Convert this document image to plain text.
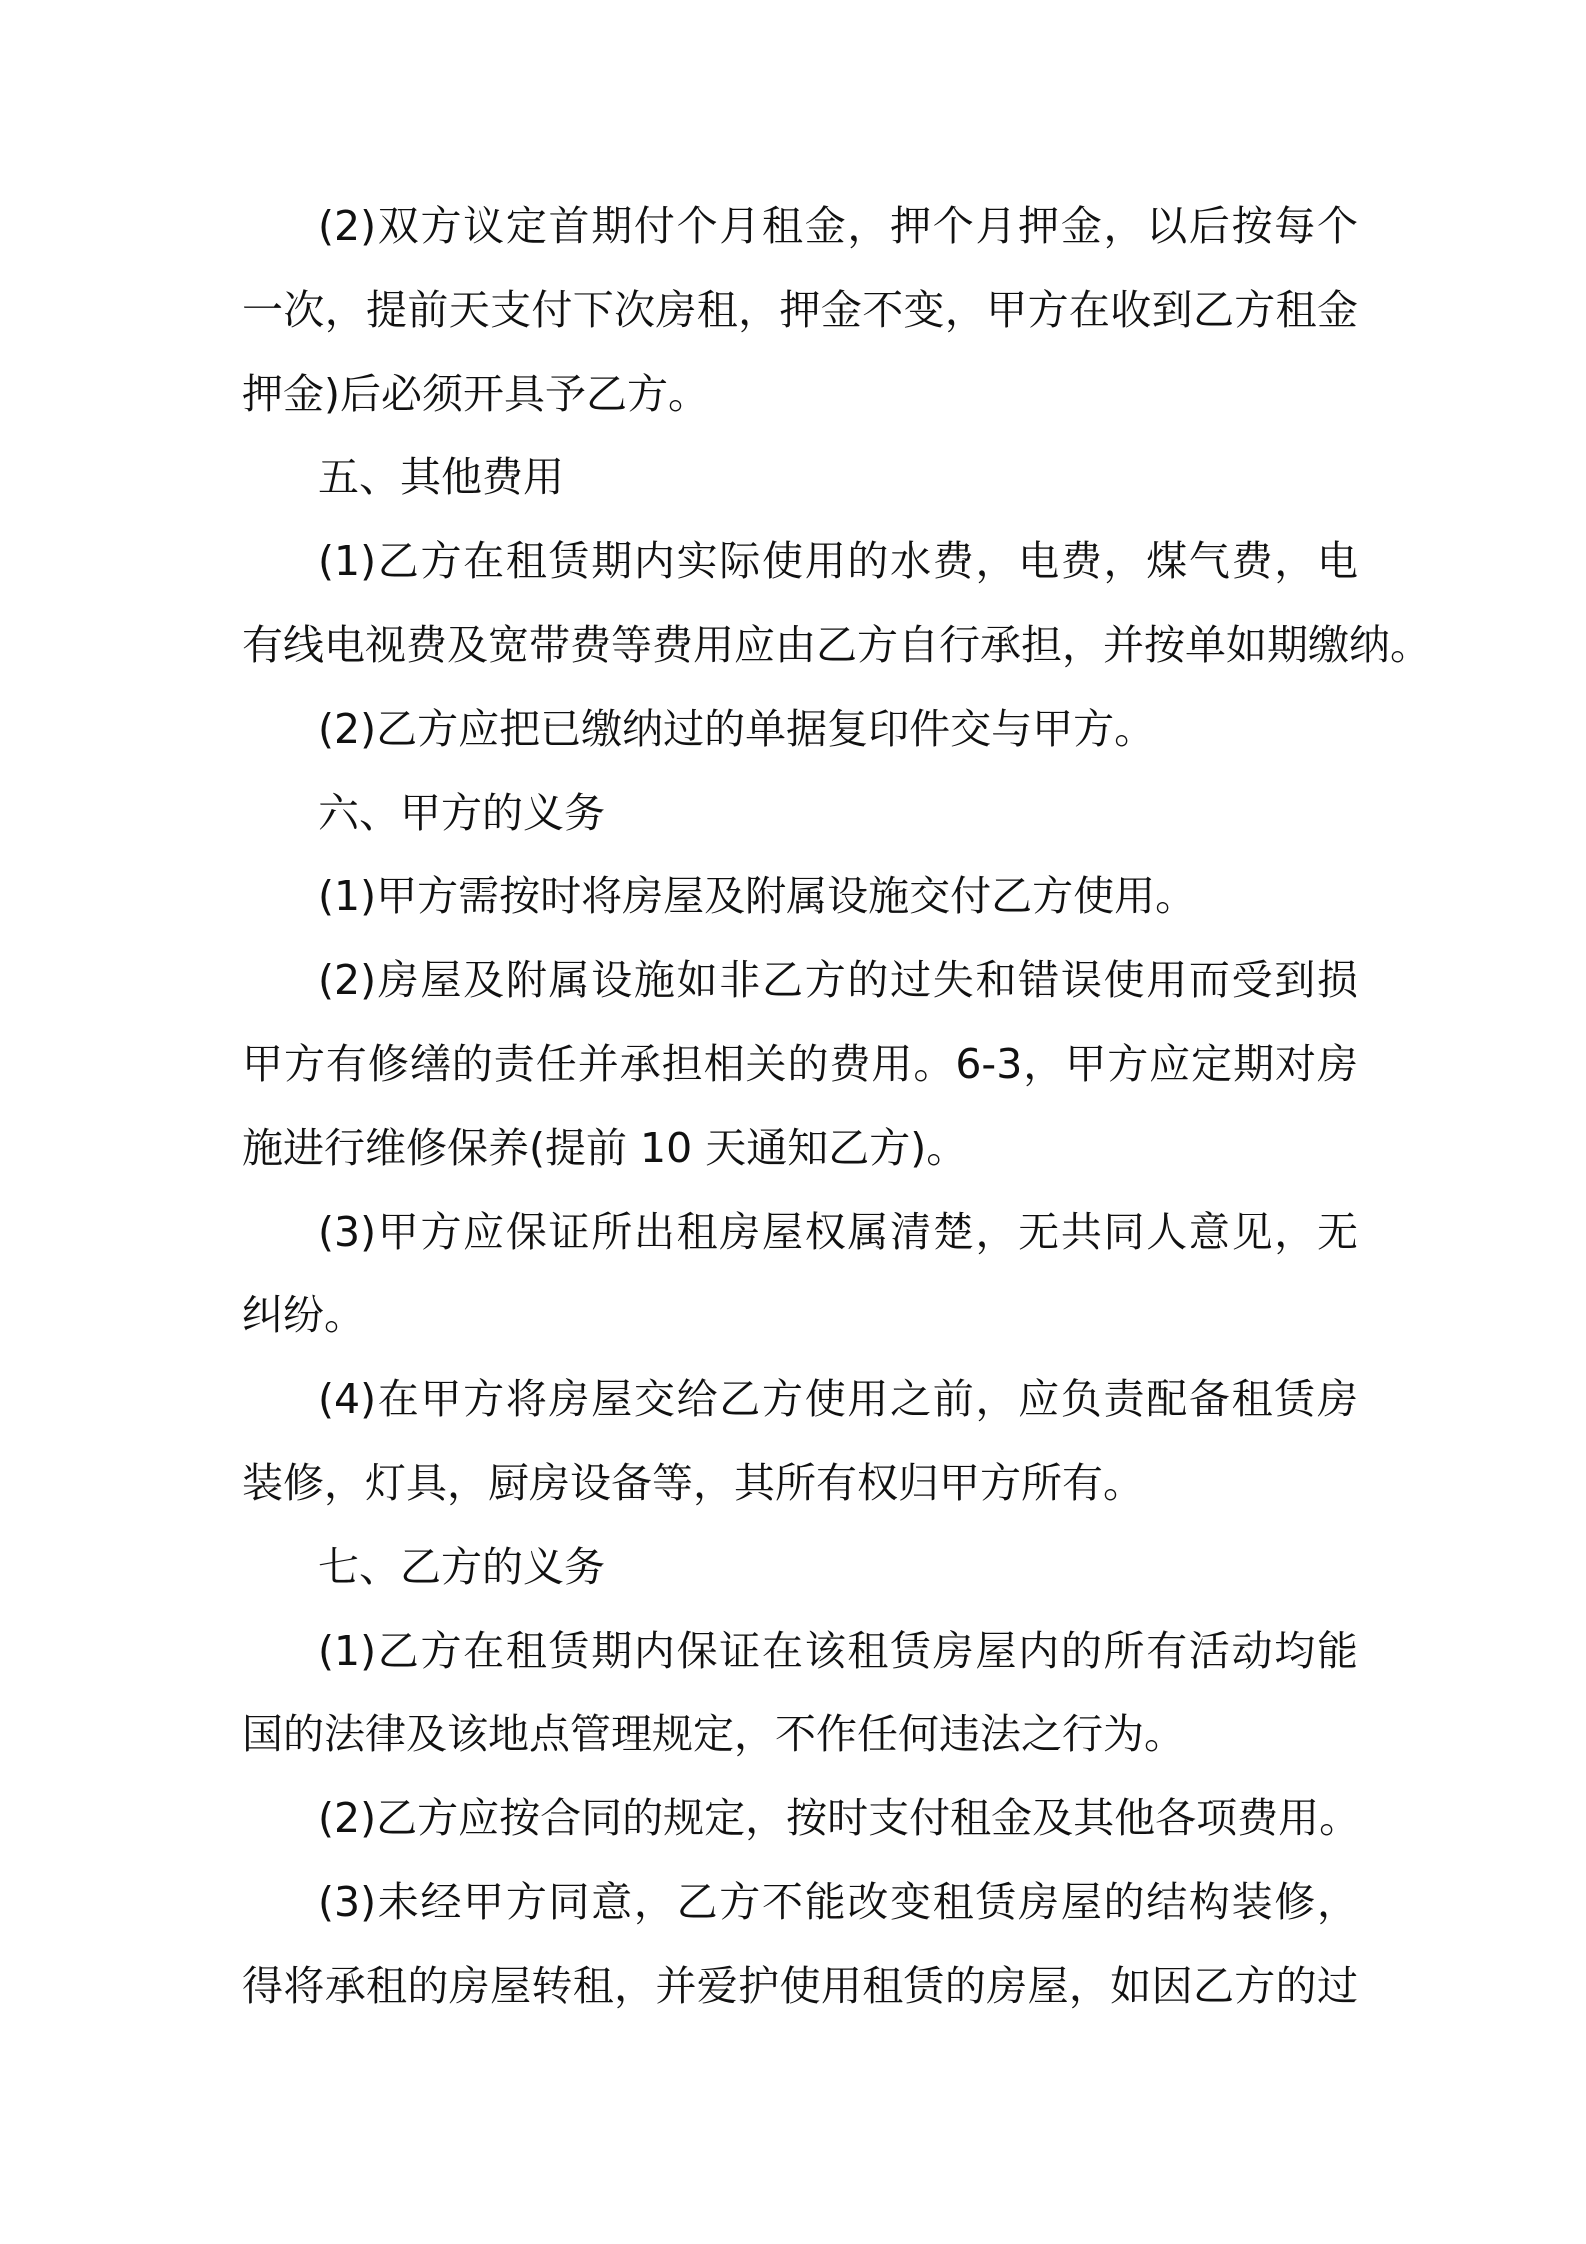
(2)双方议定首期付个月租金，押个月押金，以后按每个
一次，提前天支付下次房租，押金不变，甲方在收到乙方租金
押金)后必须开具予乙方。
五、其他费用
(1)乙方在租赁期内实际使用的水费，电费，煤气费，电
有线电视费及宽带费等费用应由乙方自行承担，并按单如期缴纳。
(2)乙方应把已缴纳过的单据复印件交与甲方。
六、甲方的义务
(1)甲方需按时将房屋及附属设施交付乙方使用。
(2)房屋及附属设施如非乙方的过失和错误使用而受到损
甲方有修缮的责任并承担相关的费用。6-3，甲方应定期对房
施进行维修保养(提前 10 天通知乙方)。
(3)甲方应保证所出租房屋权属清楚，无共同人意见，无
纠纷。
(4)在甲方将房屋交给乙方使用之前，应负责配备租赁房
装修，灯具，厨房设备等，其所有权归甲方所有。
七、乙方的义务
(1)乙方在租赁期内保证在该租赁房屋内的所有活动均能
国的法律及该地点管理规定，不作任何违法之行为。
(2)乙方应按合同的规定，按时支付租金及其他各项费用。
(3)未经甲方同意，乙方不能改变租赁房屋的结构装修，
得将承租的房屋转租，并爱护使用租赁的房屋，如因乙方的过
